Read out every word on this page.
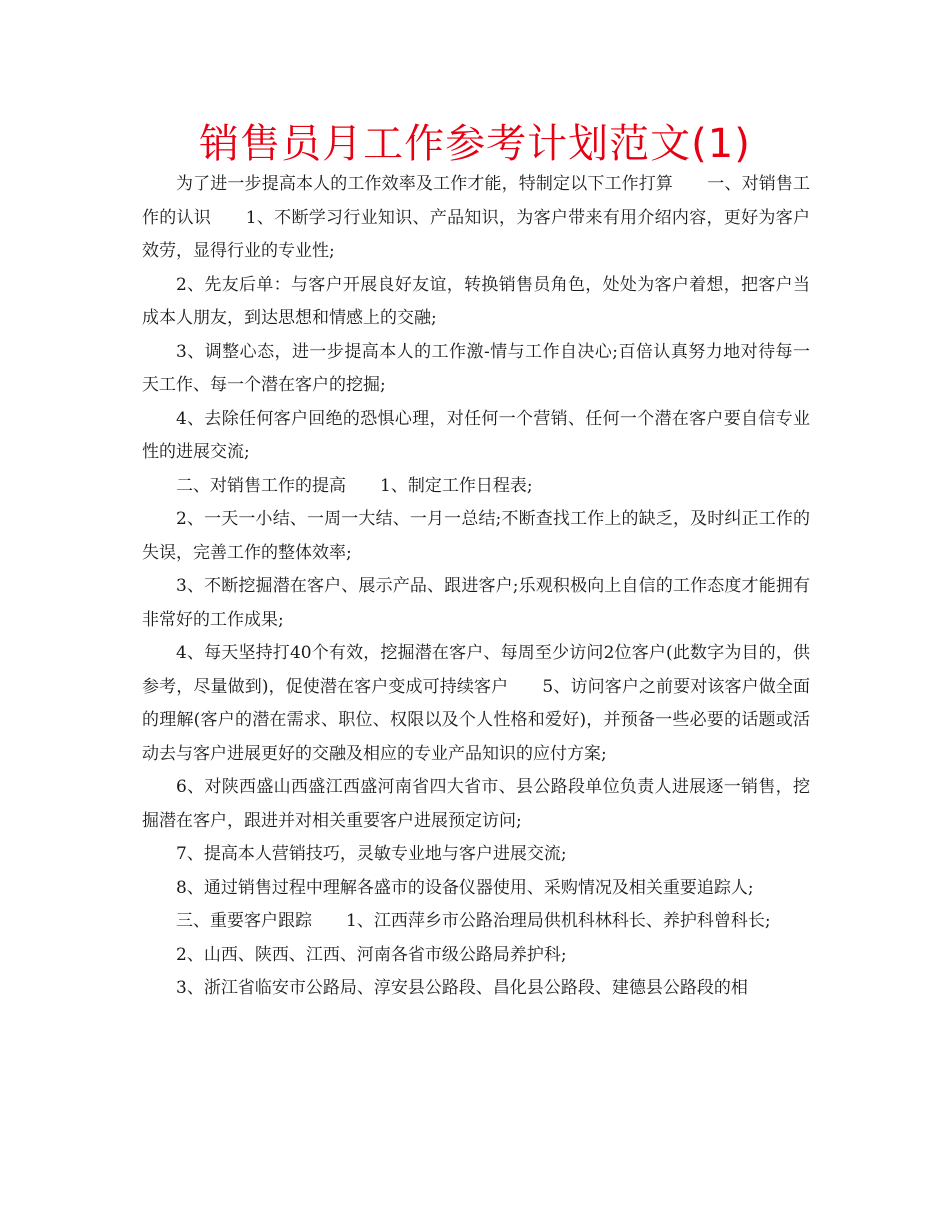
销售员月工作参考计划范文(1)

为了进一步提高本人的工作效率及工作才能，特制定以下工作打算　　一、对销售工作的认识　　1、不断学习行业知识、产品知识，为客户带来有用介绍内容，更好为客户效劳，显得行业的专业性;

2、先友后单：与客户开展良好友谊，转换销售员角色，处处为客户着想，把客户当成本人朋友，到达思想和情感上的交融;

3、调整心态，进一步提高本人的工作激-情与工作自决心;百倍认真努力地对待每一天工作、每一个潜在客户的挖掘;

4、去除任何客户回绝的恐惧心理，对任何一个营销、任何一个潜在客户要自信专业性的进展交流;

二、对销售工作的提高　　1、制定工作日程表;

2、一天一小结、一周一大结、一月一总结;不断查找工作上的缺乏，及时纠正工作的失误，完善工作的整体效率;

3、不断挖掘潜在客户、展示产品、跟进客户;乐观积极向上自信的工作态度才能拥有非常好的工作成果;

4、每天坚持打40个有效，挖掘潜在客户、每周至少访问2位客户(此数字为目的，供参考，尽量做到)，促使潜在客户变成可持续客户　　5、访问客户之前要对该客户做全面的理解(客户的潜在需求、职位、权限以及个人性格和爱好)，并预备一些必要的话题或活动去与客户进展更好的交融及相应的专业产品知识的应付方案;

6、对陕西盛山西盛江西盛河南省四大省市、县公路段单位负责人进展逐一销售，挖掘潜在客户，跟进并对相关重要客户进展预定访问;

7、提高本人营销技巧，灵敏专业地与客户进展交流;

8、通过销售过程中理解各盛市的设备仪器使用、采购情况及相关重要追踪人;

三、重要客户跟踪　　1、江西萍乡市公路治理局供机科林科长、养护科曾科长;

2、山西、陕西、江西、河南各省市级公路局养护科;

3、浙江省临安市公路局、淳安县公路段、昌化县公路段、建德县公路段的相
